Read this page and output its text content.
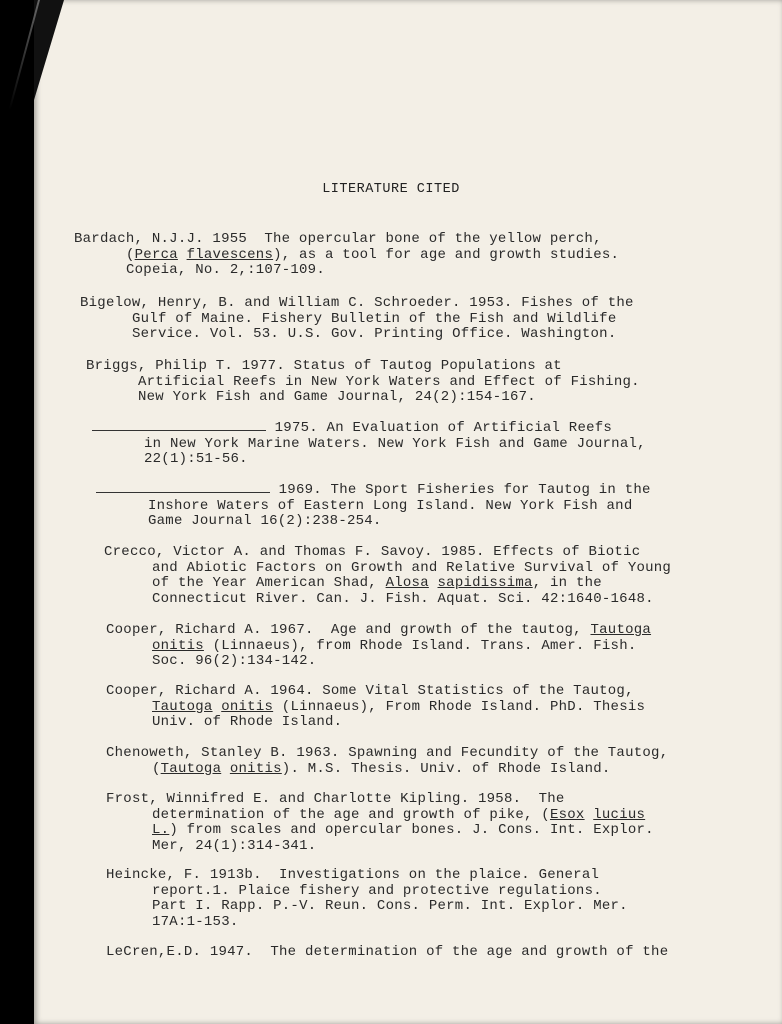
LITERATURE CITED
Bardach, N.J.J. 1955  The opercular bone of the yellow perch,
(Perca flavescens), as a tool for age and growth studies.
Copeia, No. 2,:107-109.
Bigelow, Henry, B. and William C. Schroeder. 1953. Fishes of the
Gulf of Maine. Fishery Bulletin of the Fish and Wildlife
Service. Vol. 53. U.S. Gov. Printing Office. Washington.
Briggs, Philip T. 1977. Status of Tautog Populations at
Artificial Reefs in New York Waters and Effect of Fishing.
New York Fish and Game Journal, 24(2):154-167.
1975. An Evaluation of Artificial Reefs
in New York Marine Waters. New York Fish and Game Journal,
22(1):51-56.
1969. The Sport Fisheries for Tautog in the
Inshore Waters of Eastern Long Island. New York Fish and
Game Journal 16(2):238-254.
Crecco, Victor A. and Thomas F. Savoy. 1985. Effects of Biotic
and Abiotic Factors on Growth and Relative Survival of Young
of the Year American Shad, Alosa sapidissima, in the
Connecticut River. Can. J. Fish. Aquat. Sci. 42:1640-1648.
Cooper, Richard A. 1967.  Age and growth of the tautog, Tautoga
onitis (Linnaeus), from Rhode Island. Trans. Amer. Fish.
Soc. 96(2):134-142.
Cooper, Richard A. 1964. Some Vital Statistics of the Tautog,
Tautoga onitis (Linnaeus), From Rhode Island. PhD. Thesis
Univ. of Rhode Island.
Chenoweth, Stanley B. 1963. Spawning and Fecundity of the Tautog,
(Tautoga onitis). M.S. Thesis. Univ. of Rhode Island.
Frost, Winnifred E. and Charlotte Kipling. 1958.  The
determination of the age and growth of pike, (Esox lucius
L.) from scales and opercular bones. J. Cons. Int. Explor.
Mer, 24(1):314-341.
Heincke, F. 1913b.  Investigations on the plaice. General
report.1. Plaice fishery and protective regulations.
Part I. Rapp. P.-V. Reun. Cons. Perm. Int. Explor. Mer.
17A:1-153.
LeCren,E.D. 1947.  The determination of the age and growth of the
